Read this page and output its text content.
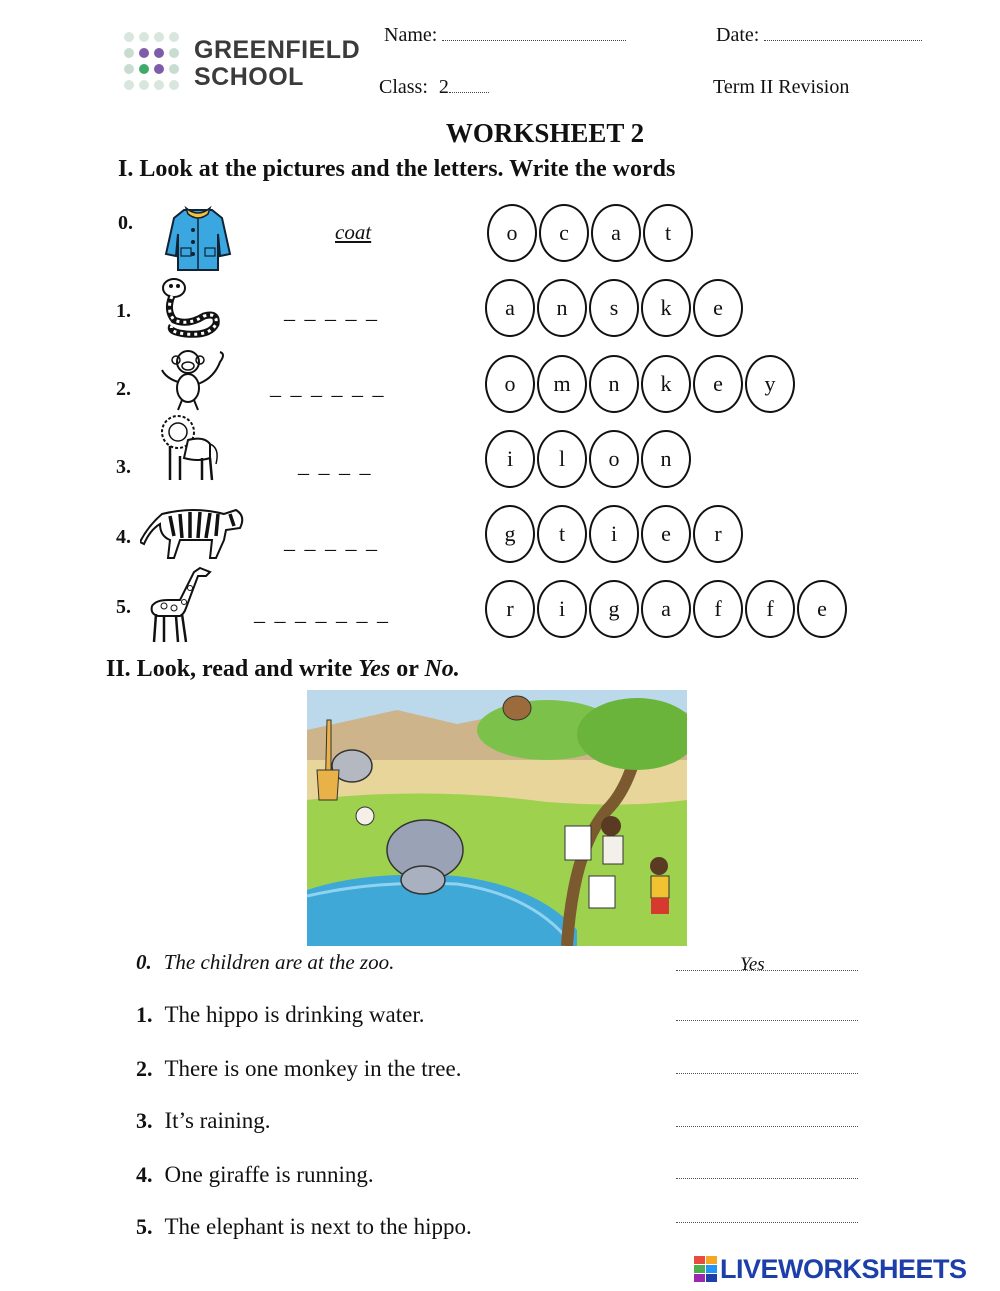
GREENFIELD
SCHOOL
Name:	Date:
Class: 2	Term II Revision
WORKSHEET 2
I. Look at the pictures and the letters. Write the words
0.	coat	o	c	a	t
1.	_ _ _ _ _	a	n	s	k	e
2.	_ _ _ _ _ _	o	m	n	k	e	y
3.	_ _ _ _	i	l	o	n
4.	_ _ _ _ _	g	t	i	e	r
5.	_ _ _ _ _ _ _	r	i	g	a	f	f	e
II. Look, read and write Yes or No.
0. The children are at the zoo.	Yes
1. The hippo is drinking water.
2. There is one monkey in the tree.
3. It’s raining.
4. One giraffe is running.
5. The elephant is next to the hippo.
LIVEWORKSHEETS
